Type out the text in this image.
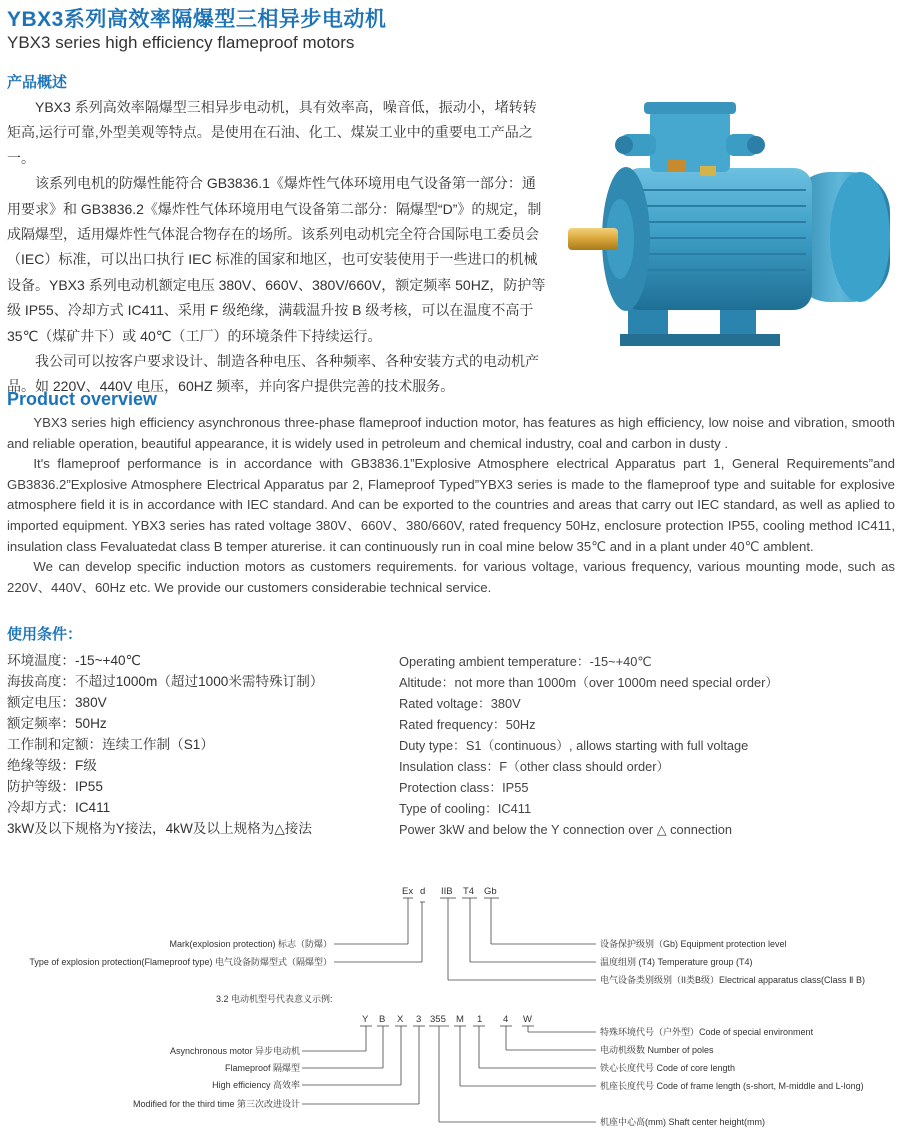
YBX3系列高效率隔爆型三相异步电动机
YBX3 series high efficiency flameproof motors
产品概述

YBX3 系列高效率隔爆型三相异步电动机，具有效率高，噪音低，振动小，堵转转矩高,运行可靠,外型美观等特点。是使用在石油、化工、煤炭工业中的重要电工产品之一。

该系列电机的防爆性能符合 GB3836.1《爆炸性气体环境用电气设备第一部分：通用要求》和 GB3836.2《爆炸性气体环境用电气设备第二部分：隔爆型“D”》的规定，制成隔爆型，适用爆炸性气体混合物存在的场所。该系列电动机完全符合国际电工委员会（IEC）标准，可以出口执行 IEC 标准的国家和地区，也可安装使用于一些进口的机械设备。YBX3 系列电动机额定电压 380V、660V、380V/660V，额定频率 50HZ，防护等级 IP55、冷却方式 IC411、采用 F 级绝缘，满载温升按 B 级考核，可以在温度不高于 35℃（煤矿井下）或 40℃（工厂）的环境条件下持续运行。

我公司可以按客户要求设计、制造各种电压、各种频率、各种安装方式的电动机产品。如 220V、440V 电压，60HZ 频率，并向客户提供完善的技术服务。

Product overview

YBX3 series high efficiency asynchronous three-phase flameproof induction motor, has features as high efficiency, low noise and vibration, smooth and reliable operation, beautiful appearance, it is widely used in petroleum and chemical industry, coal and carbon in dusty .

It's flameproof performance is in accordance with GB3836.1”Explosive Atmosphere electrical Apparatus part 1, General Requirements”and GB3836.2”Explosive Atmosphere Electrical Apparatus par 2, Flameproof Typed”YBX3 series is made to the flameproof type and suitable for explosive atmosphere field it is in accordance with IEC standard. And can be exported to the countries and areas that carry out IEC standard, as well as aplied to imported equipment. YBX3 series has rated voltage 380V、660V、380/660V, rated frequency 50Hz, enclosure protection IP55, cooling method IC411, insulation class Fevaluatedat class B temper aturerise. it can continuously run in coal mine below 35℃ and in a plant under 40℃ amblent.

We can develop specific induction motors as customers requirements. for various voltage, various frequency, various mounting mode, such as 220V、440V、60Hz etc. We provide our customers considerabie technical service.

使用条件：
环境温度：-15~+40℃
海拔高度：不超过1000m（超过1000米需特殊订制）
额定电压：380V
额定频率：50Hz
工作制和定额：连续工作制（S1）
绝缘等级：F级
防护等级：IP55
冷却方式：IC411
3kW及以下规格为Y接法，4kW及以上规格为△接法
Operating ambient temperature：-15~+40℃
Altitude：not more than 1000m（over 1000m need special order）
Rated voltage：380V
Rated frequency：50Hz
Duty type：S1（continuous）, allows starting with full voltage
Insulation class：F（other class should order）
Protection class：IP55
Type of cooling：IC411
Power 3kW and below the Y connection over △ connection
Ex d IIB T4 Gb
Mark(explosion protection) 标志（防爆）
Type of explosion protection(Flameproof type) 电气设备防爆型式（隔爆型）
设备保护级别（Gb) Equipment protection level
温度组别 (T4) Temperature group (T4)
电气设备类别级别（II类B级）Electrical apparatus class(Class Ⅱ B)
3.2 电动机型号代表意义示例:
Y B X 3 355 M 1 4 W
Asynchronous motor 异步电动机
Flameproof 隔爆型
High efficiency 高效率
Modified for the third time 第三次改进设计
特殊环境代号（户外型）Code of special environment
电动机级数 Number of poles
铁心长度代号 Code of core length
机座长度代号 Code of frame length (s-short, M-middle and L-long)
机座中心高(mm) Shaft center height(mm)
